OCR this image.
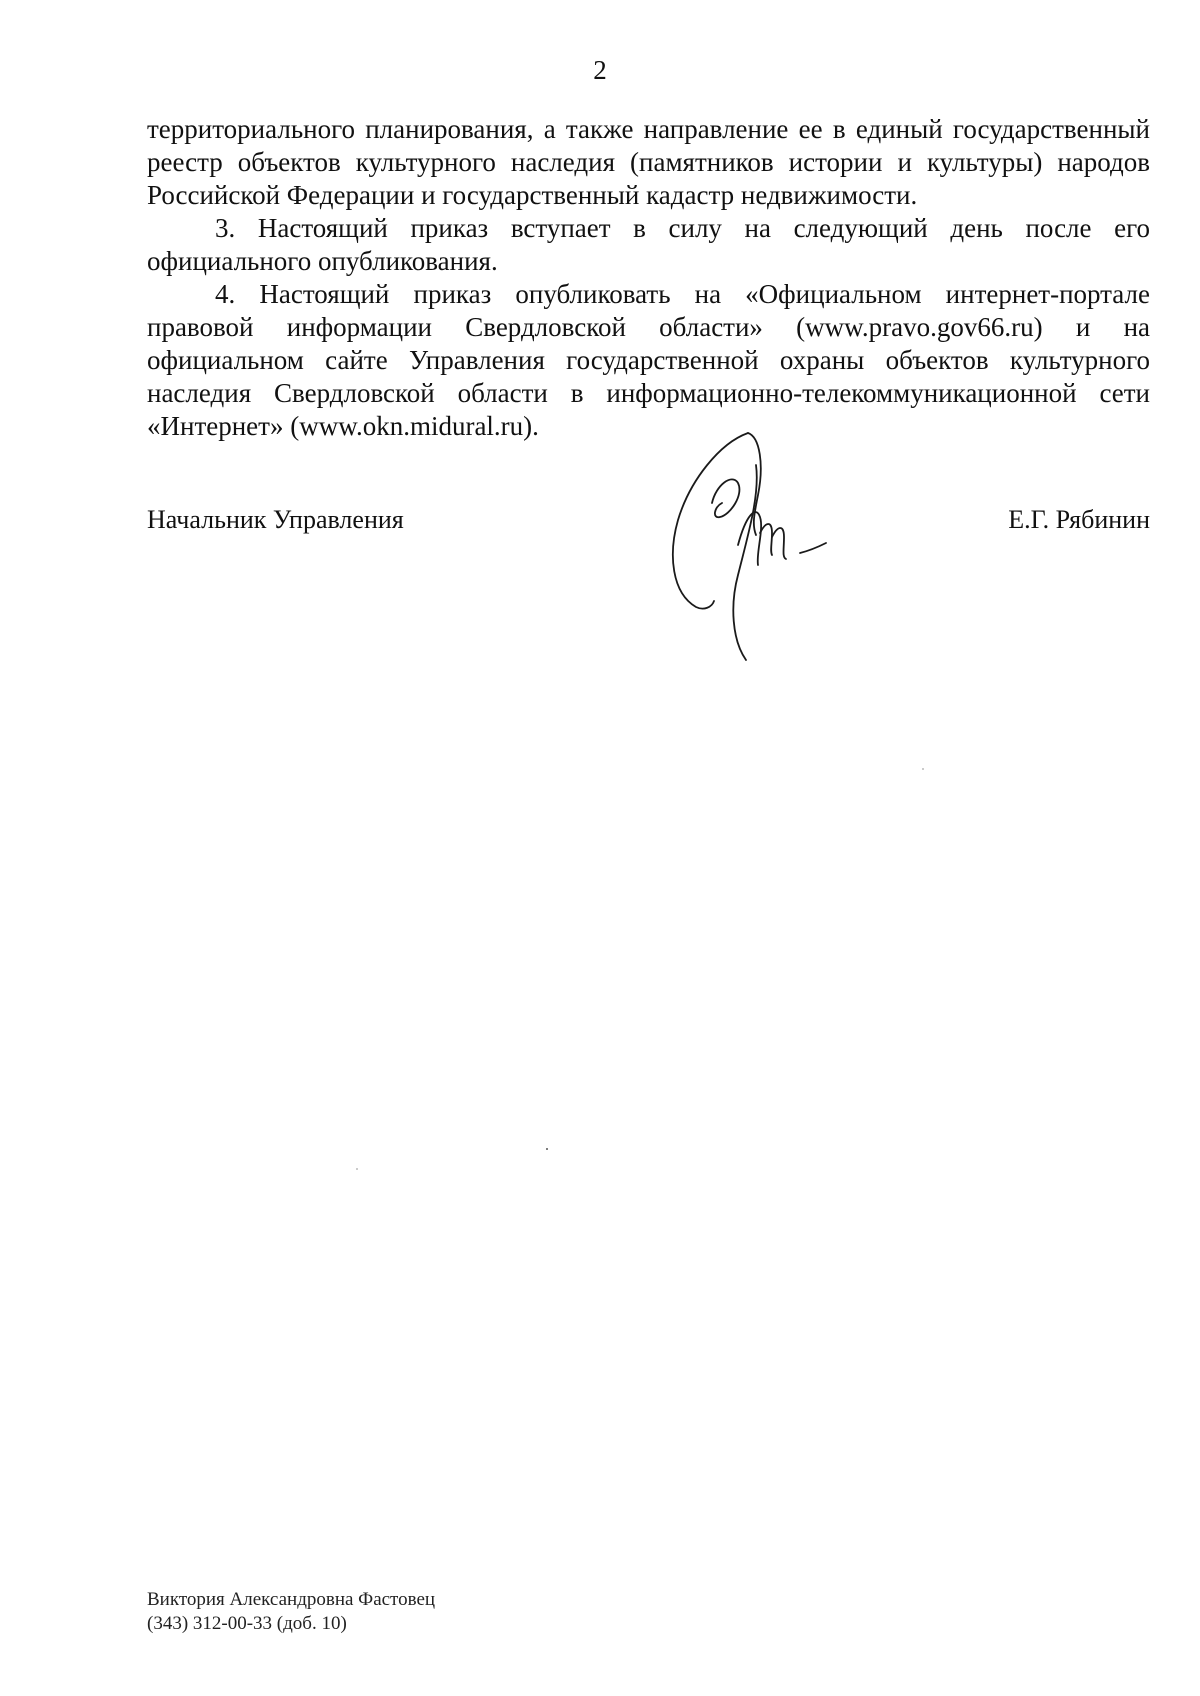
2

территориального планирования, а также направление ее в единый государственный реестр объектов культурного наследия (памятников истории и культуры) народов Российской Федерации и государственный кадастр недвижимости.

3. Настоящий приказ вступает в силу на следующий день после его официального опубликования.

4. Настоящий приказ опубликовать на «Официальном интернет-портале правовой информации Свердловской области» (www.pravo.gov66.ru) и на официальном сайте Управления государственной охраны объектов культурного наследия Свердловской области в информационно-телекоммуникационной сети «Интернет» (www.okn.midural.ru).

Начальник Управления	Е.Г. Рябинин
Виктория Александровна Фастовец
(343) 312-00-33 (доб. 10)
